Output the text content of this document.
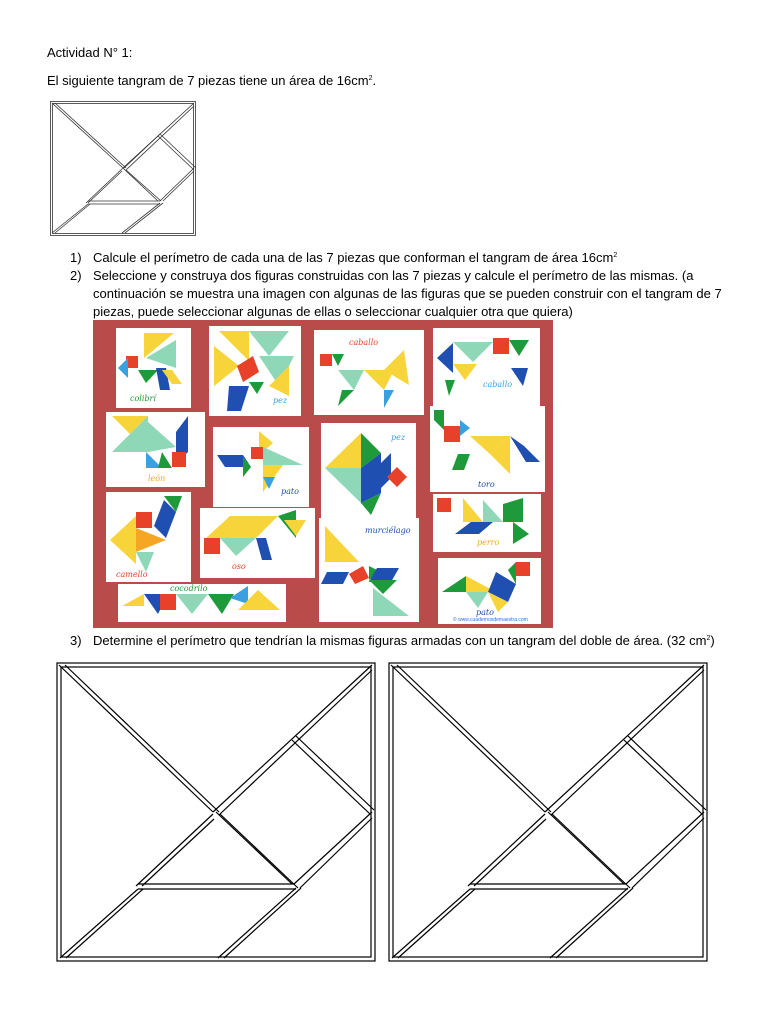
Actividad N° 1:
El siguiente tangram de 7 piezas tiene un área de $16cm^2$.
1) Calcule el perímetro de cada una de las 7 piezas que conforman el tangram de área $16cm^2$
2) Seleccione y construya dos figuras construidas con las 7 piezas y calcule el perímetro de las mismas. (a
continuación se muestra una imagen con algunas de las figuras que se pueden construir con el tangram de 7
piezas, puede seleccionar algunas de ellas o seleccionar cualquier otra que quiera)
colibrí	pez
caballo
caballo
león
pato
pez
toro
camello
oso
murciélago
perro
cocodrilo
pato
© www.cuadernosdemaestra.com
3) Determine el perímetro que tendrían la mismas figuras armadas con un tangram del doble de área. (32 $cm^2$)
